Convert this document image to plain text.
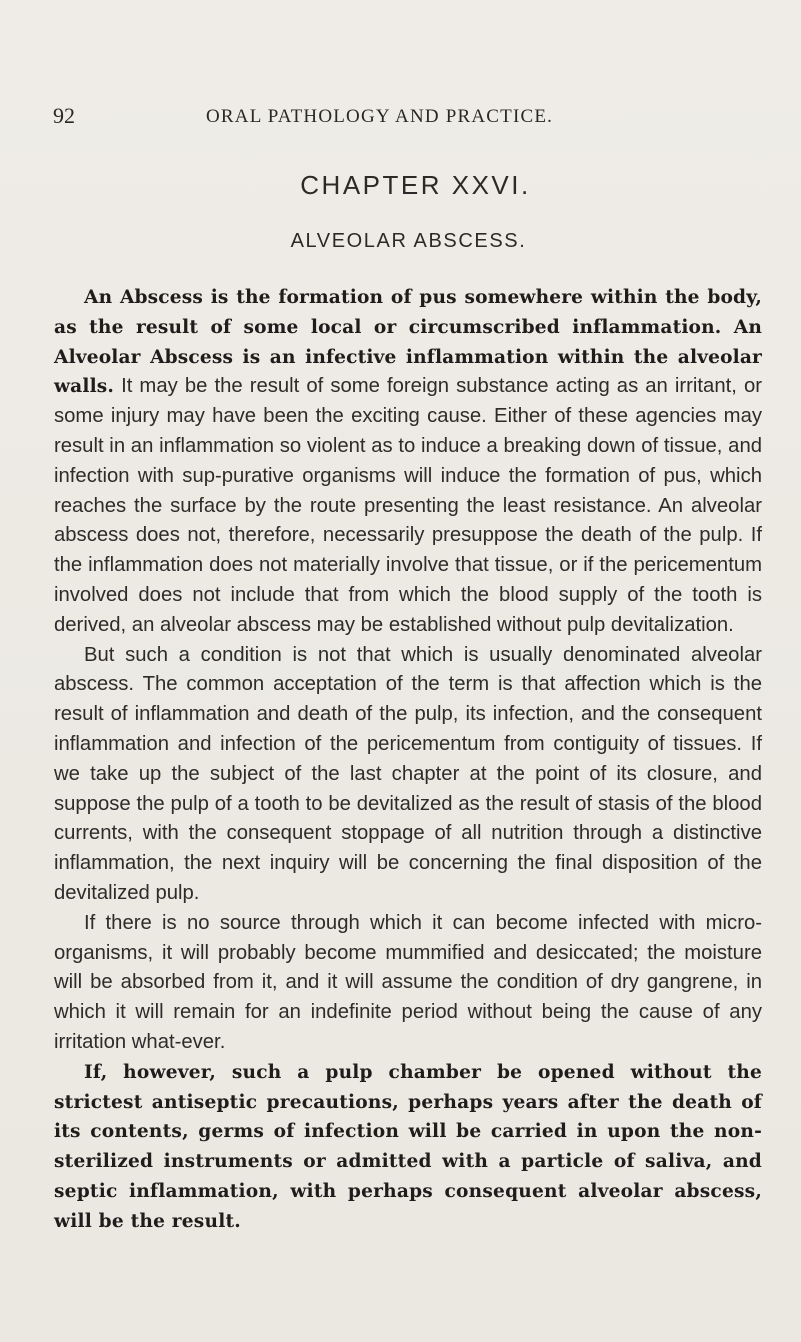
92	ORAL PATHOLOGY AND PRACTICE.
CHAPTER XXVI.
ALVEOLAR ABSCESS.

An Abscess is the formation of pus somewhere within the body, as the result of some local or circumscribed inflammation. An Alveolar Abscess is an infective inflammation within the alveolar walls. It may be the result of some foreign substance acting as an irritant, or some injury may have been the exciting cause. Either of these agencies may result in an inflammation so violent as to induce a breaking down of tissue, and infection with sup-purative organisms will induce the formation of pus, which reaches the surface by the route presenting the least resistance. An alveolar abscess does not, therefore, necessarily presuppose the death of the pulp. If the inflammation does not materially involve that tissue, or if the pericementum involved does not include that from which the blood supply of the tooth is derived, an alveolar abscess may be established without pulp devitalization.

But such a condition is not that which is usually denominated alveolar abscess. The common acceptation of the term is that affection which is the result of inflammation and death of the pulp, its infection, and the consequent inflammation and infection of the pericementum from contiguity of tissues. If we take up the subject of the last chapter at the point of its closure, and suppose the pulp of a tooth to be devitalized as the result of stasis of the blood currents, with the consequent stoppage of all nutrition through a distinctive inflammation, the next inquiry will be concerning the final disposition of the devitalized pulp.

If there is no source through which it can become infected with micro-organisms, it will probably become mummified and desiccated; the moisture will be absorbed from it, and it will assume the condition of dry gangrene, in which it will remain for an indefinite period without being the cause of any irritation what-ever.

If, however, such a pulp chamber be opened without the strictest antiseptic precautions, perhaps years after the death of its contents, germs of infection will be carried in upon the non-sterilized instruments or admitted with a particle of saliva, and septic inflammation, with perhaps consequent alveolar abscess, will be the result.
